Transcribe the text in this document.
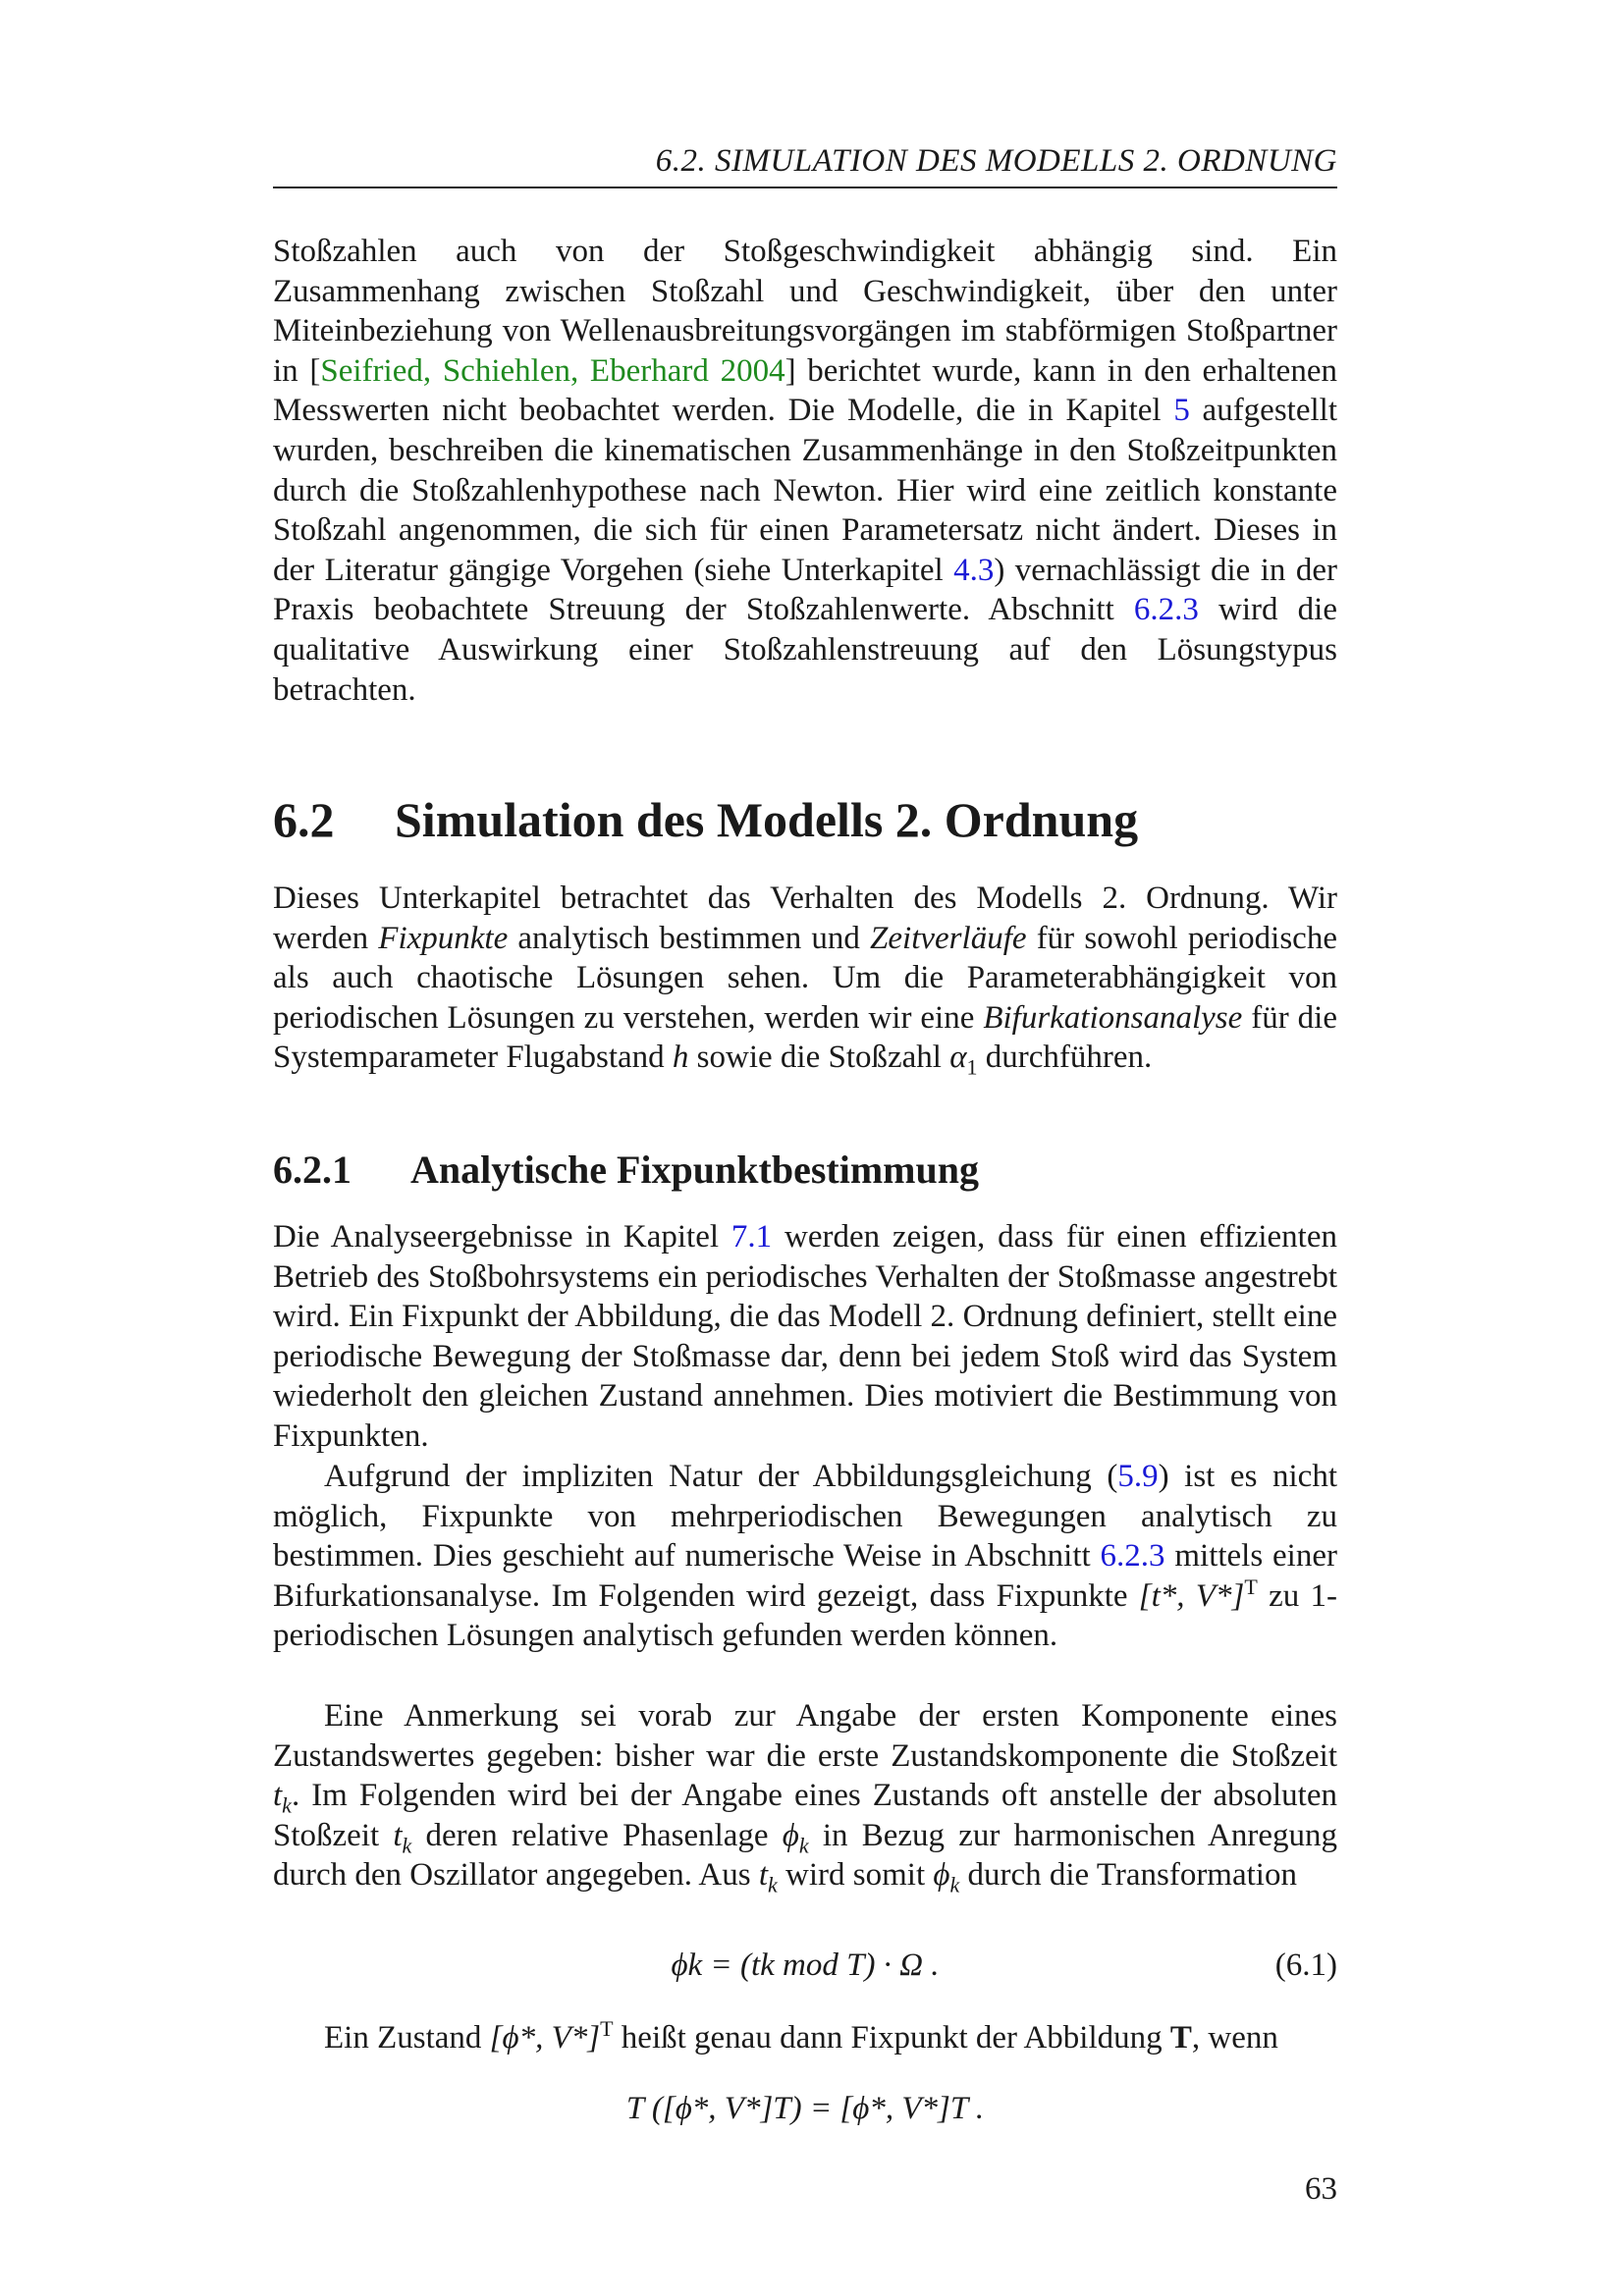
6.2. SIMULATION DES MODELLS 2. ORDNUNG

Stoßzahlen auch von der Stoßgeschwindigkeit abhängig sind. Ein Zusammenhang zwischen Stoßzahl und Geschwindigkeit, über den unter Miteinbeziehung von Wellenausbreitungsvorgängen im stabförmigen Stoßpartner in [Seifried, Schiehlen, Eberhard 2004] berichtet wurde, kann in den erhaltenen Messwerten nicht beobachtet werden. Die Modelle, die in Kapitel 5 aufgestellt wurden, beschreiben die kinematischen Zusammenhänge in den Stoßzeitpunkten durch die Stoßzahlenhypothese nach Newton. Hier wird eine zeitlich konstante Stoßzahl angenommen, die sich für einen Parametersatz nicht ändert. Dieses in der Literatur gängige Vorgehen (siehe Unterkapitel 4.3) vernachlässigt die in der Praxis beobachtete Streuung der Stoßzahlenwerte. Abschnitt 6.2.3 wird die qualitative Auswirkung einer Stoßzahlenstreuung auf den Lösungstypus betrachten.

6.2 Simulation des Modells 2. Ordnung

Dieses Unterkapitel betrachtet das Verhalten des Modells 2. Ordnung. Wir werden Fixpunkte analytisch bestimmen und Zeitverläufe für sowohl periodische als auch chaotische Lösungen sehen. Um die Parameterabhängigkeit von periodischen Lösungen zu verstehen, werden wir eine Bifurkationsanalyse für die Systemparameter Flugabstand h sowie die Stoßzahl $\alpha_1$ durchführen.

6.2.1 Analytische Fixpunktbestimmung

Die Analyseergebnisse in Kapitel 7.1 werden zeigen, dass für einen effizienten Betrieb des Stoßbohrsystems ein periodisches Verhalten der Stoßmasse angestrebt wird. Ein Fixpunkt der Abbildung, die das Modell 2. Ordnung definiert, stellt eine periodische Bewegung der Stoßmasse dar, denn bei jedem Stoß wird das System wiederholt den gleichen Zustand annehmen. Dies motiviert die Bestimmung von Fixpunkten.

Aufgrund der impliziten Natur der Abbildungsgleichung (5.9) ist es nicht möglich, Fixpunkte von mehrperiodischen Bewegungen analytisch zu bestimmen. Dies geschieht auf numerische Weise in Abschnitt 6.2.3 mittels einer Bifurkationsanalyse. Im Folgenden wird gezeigt, dass Fixpunkte [t*, V*]$^T$ zu 1-periodischen Lösungen analytisch gefunden werden können.

Eine Anmerkung sei vorab zur Angabe der ersten Komponente eines Zustandswertes gegeben: bisher war die erste Zustandskomponente die Stoßzeit $t_k$. Im Folgenden wird bei der Angabe eines Zustands oft anstelle der absoluten Stoßzeit $t_k$ deren relative Phasenlage $\phi_k$ in Bezug zur harmonischen Anregung durch den Oszillator angegeben. Aus $t_k$ wird somit $\phi_k$ durch die Transformation

ϕk = (tk mod T) · Ω .	(6.1)

Ein Zustand [ϕ*, V*]$^T$ heißt genau dann Fixpunkt der Abbildung T, wenn

T ([ϕ*, V*]T) = [ϕ*, V*]T .
63
